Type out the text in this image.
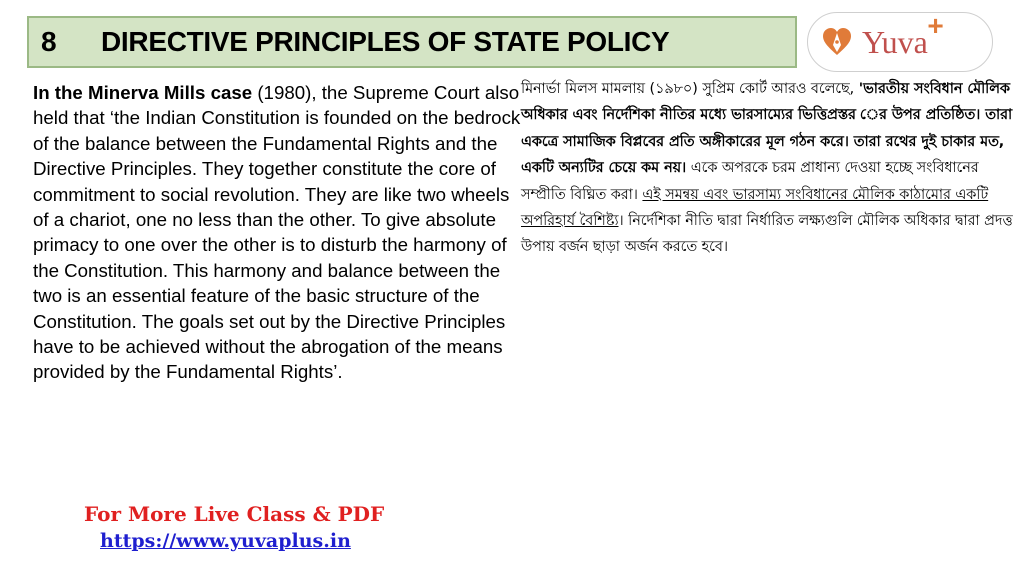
8	DIRECTIVE PRINCIPLES OF STATE POLICY	Yuva +
In the Minerva Mills case (1980), the Supreme Court also held that ‘the Indian Constitution is founded on the bedrock of the balance between the Fundamental Rights and the Directive Principles. They together constitute the core of commitment to social revolution. They are like two wheels of a chariot, one no less than the other. To give absolute primacy to one over the other is to disturb the harmony of the Constitution. This harmony and balance between the two is an essential feature of the basic structure of the Constitution. The goals set out by the Directive Principles have to be achieved without the abrogation of the means provided by the Fundamental Rights’.
মিনার্ভা মিলস মামলায় (১৯৮০) সুপ্রিম কোর্ট আরও বলেছে, 'ভারতীয় সংবিধান মৌলিক অধিকার এবং নির্দেশিকা নীতির মধ্যে ভারসাম্যের ভিত্তিপ্রস্তর ের উপর প্রতিষ্ঠিত। তারা একত্রে সামাজিক বিপ্লবের প্রতি অঙ্গীকারের মূল গঠন করে। তারা রথের দুই চাকার মত, একটি অন্যটির চেয়ে কম নয়। একে অপরকে চরম প্রাধান্য দেওয়া হচ্ছে সংবিধানের সম্প্রীতি বিঘ্নিত করা। এই সমন্বয় এবং ভারসাম্য সংবিধানের মৌলিক কাঠামোর একটি অপরিহার্য বৈশিষ্ট্য। নির্দেশিকা নীতি দ্বারা নির্ধারিত লক্ষ্যগুলি মৌলিক অধিকার দ্বারা প্রদত্ত উপায় বর্জন ছাড়া অর্জন করতে হবে।
For More Live Class & PDF
https://www.yuvaplus.in
